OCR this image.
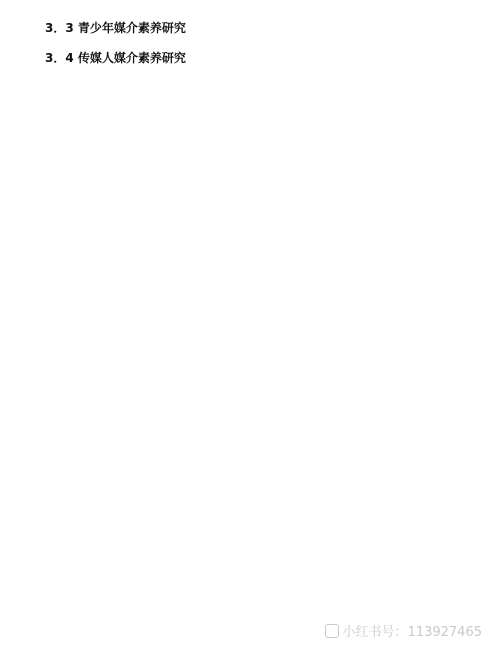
3．3 青少年媒介素养研究

3．4 传媒人媒介素养研究

小红书号：113927465
